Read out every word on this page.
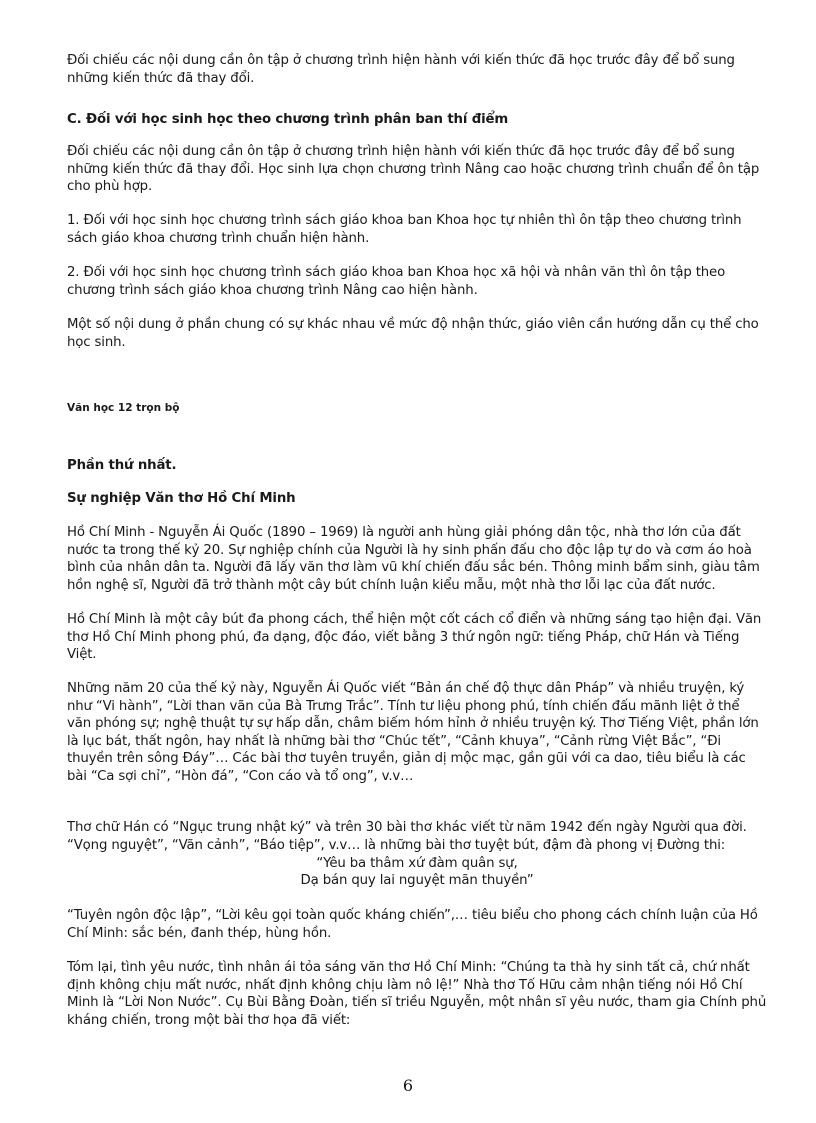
Đối chiếu các nội dung cần ôn tập ở chương trình hiện hành với kiến thức đã học trước đây để bổ sung những kiến thức đã thay đổi.

C. Đối với học sinh học theo chương trình phân ban thí điểm

Đối chiếu các nội dung cần ôn tập ở chương trình hiện hành với kiến thức đã học trước đây để bổ sung những kiến thức đã thay đổi. Học sinh lựa chọn chương trình Nâng cao hoặc chương trình chuẩn để ôn tập cho phù hợp.

1. Đối với học sinh học chương trình sách giáo khoa ban Khoa học tự nhiên thì ôn tập theo chương trình sách giáo khoa chương trình chuẩn hiện hành.

2. Đối với học sinh học chương trình sách giáo khoa ban Khoa học xã hội và nhân văn thì ôn tập theo chương trình sách giáo khoa chương trình Nâng cao hiện hành.

Một số nội dung ở phần chung có sự khác nhau về mức độ nhận thức, giáo viên cần hướng dẫn cụ thể cho học sinh.

Văn học 12 trọn bộ

Phần thứ nhất.

Sự nghiệp Văn thơ Hồ Chí Minh

Hồ Chí Minh - Nguyễn Ái Quốc (1890 – 1969) là người anh hùng giải phóng dân tộc, nhà thơ lớn của đất nước ta trong thế kỷ 20. Sự nghiệp chính của Người là hy sinh phấn đấu cho độc lập tự do và cơm áo hoà bình của nhân dân ta. Người đã lấy văn thơ làm vũ khí chiến đấu sắc bén. Thông minh bẩm sinh, giàu tâm hồn nghệ sĩ, Người đã trở thành một cây bút chính luận kiểu mẫu, một nhà thơ lỗi lạc của đất nước.

Hồ Chí Minh là một cây bút đa phong cách, thể hiện một cốt cách cổ điển và những sáng tạo hiện đại. Văn thơ Hồ Chí Minh phong phú, đa dạng, độc đáo, viết bằng 3 thứ ngôn ngữ: tiếng Pháp, chữ Hán và Tiếng Việt.

Những năm 20 của thế kỷ này, Nguyễn Ái Quốc viết “Bản án chế độ thực dân Pháp” và nhiều truyện, ký như “Vi hành”, “Lời than vãn của Bà Trưng Trắc”. Tính tư liệu phong phú, tính chiến đấu mãnh liệt ở thể văn phóng sự; nghệ thuật tự sự hấp dẫn, châm biếm hóm hỉnh ở nhiều truyện ký. Thơ Tiếng Việt, phần lớn là lục bát, thất ngôn, hay nhất là những bài thơ “Chúc tết”, “Cảnh khuya”, “Cảnh rừng Việt Bắc”, “Đi thuyền trên sông Đáy”… Các bài thơ tuyên truyền, giản dị mộc mạc, gần gũi với ca dao, tiêu biểu là các bài “Ca sợi chỉ”, “Hòn đá”, “Con cáo và tổ ong”, v.v…

Thơ chữ Hán có “Ngục trung nhật ký” và trên 30 bài thơ khác viết từ năm 1942 đến ngày Người qua đời. “Vọng nguyệt”, “Vãn cảnh”, “Báo tiệp”, v.v… là những bài thơ tuyệt bút, đậm đà phong vị Đường thi:

“Yêu ba thâm xứ đàm quân sự,

Dạ bán quy lai nguyệt mãn thuyền”

“Tuyên ngôn độc lập”, “Lời kêu gọi toàn quốc kháng chiến”,… tiêu biểu cho phong cách chính luận của Hồ Chí Minh: sắc bén, đanh thép, hùng hồn.

Tóm lại, tình yêu nước, tình nhân ái tỏa sáng văn thơ Hồ Chí Minh: “Chúng ta thà hy sinh tất cả, chứ nhất định không chịu mất nước, nhất định không chịu làm nô lệ!” Nhà thơ Tố Hữu cảm nhận tiếng nói Hồ Chí Minh là “Lời Non Nước”. Cụ Bùi Bằng Đoàn, tiến sĩ triều Nguyễn, một nhân sĩ yêu nước, tham gia Chính phủ kháng chiến, trong một bài thơ họa đã viết:

6
